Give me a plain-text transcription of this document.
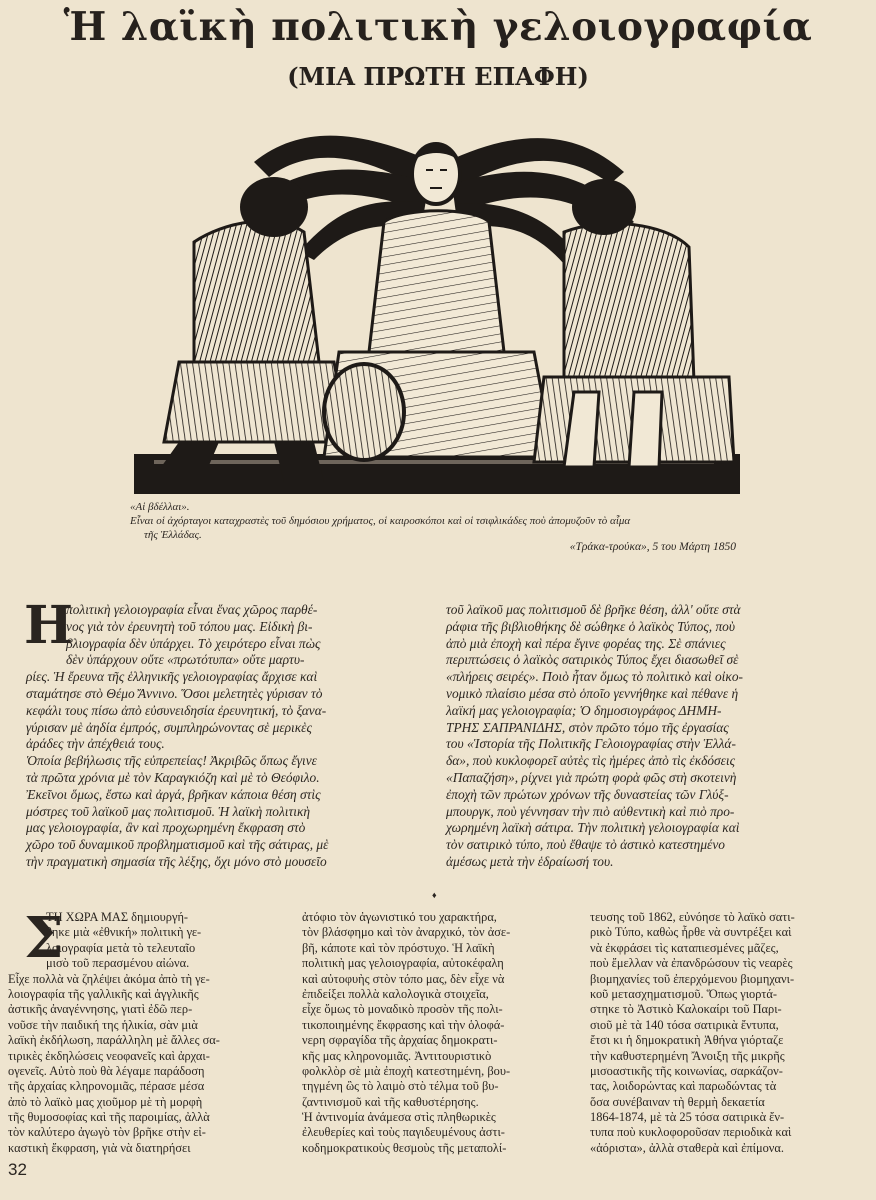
Ἡ λαϊκὴ πολιτικὴ γελοιογραφία
(ΜΙΑ ΠΡΩΤΗ ΕΠΑΦΗ)
«Αἱ βδέλλαι».
Εἶναι οἱ ἀχόρταγοι καταχραστὲς τοῦ δημόσιου χρήματος, οἱ καιροσκόποι καὶ οἱ τσιφλικάδες ποὺ ἀπομυζοῦν τὸ αἷμα
τῆς Ἑλλάδας.
«Τράκα-τρούκα», 5 του Μάρτη 1850
Η
πολιτικὴ γελοιογραφία εἶναι ἕνας χῶρος παρθέ-
νος γιὰ τὸν ἐρευνητὴ τοῦ τόπου μας. Εἰδικὴ βι-
βλιογραφία δὲν ὑπάρχει. Τὸ χειρότερο εἶναι πὼς
δὲν ὑπάρχουν οὔτε «πρωτότυπα» οὔτε μαρτυ-
ρίες. Ἡ ἔρευνα τῆς ἑλληνικῆς γελοιογραφίας ἄρχισε καὶ
σταμάτησε στὸ Θέμο Ἄννινο. Ὅσοι μελετητὲς γύρισαν τὸ
κεφάλι τους πίσω ἀπὸ εὐσυνειδησία ἐρευνητική, τὸ ξανα-
γύρισαν μὲ ἀηδία ἐμπρός, συμπληρώνοντας σὲ μερικὲς
ἀράδες τὴν ἀπέχθειά τους.
Ὁποία βεβήλωσις τῆς εὐπρεπείας! Ἀκριβῶς ὅπως ἔγινε
τὰ πρῶτα χρόνια μὲ τὸν Καραγκιόζη καὶ μὲ τὸ Θεόφιλο.
Ἐκεῖνοι ὅμως, ἔστω καὶ ἀργά, βρῆκαν κάποια θέση στὶς
μόστρες τοῦ λαϊκοῦ μας πολιτισμοῦ. Ἡ λαϊκὴ πολιτικὴ
μας γελοιογραφία, ἂν καὶ προχωρημένη ἔκφραση στὸ
χῶρο τοῦ δυναμικοῦ προβληματισμοῦ καὶ τῆς σάτιρας, μὲ
τὴν πραγματικὴ σημασία τῆς λέξης, ὄχι μόνο στὸ μουσεῖο
τοῦ λαϊκοῦ μας πολιτισμοῦ δὲ βρῆκε θέση, ἀλλ' οὔτε στὰ
ράφια τῆς βιβλιοθήκης δὲ σώθηκε ὁ λαϊκὸς Τύπος, ποὺ
ἀπὸ μιὰ ἐποχὴ καὶ πέρα ἔγινε φορέας της. Σὲ σπάνιες
περιπτώσεις ὁ λαϊκὸς σατιρικὸς Τύπος ἔχει διασωθεῖ σὲ
«πλήρεις σειρές». Ποιὸ ἦταν ὅμως τὸ πολιτικὸ καὶ οἰκο-
νομικὸ πλαίσιο μέσα στὸ ὁποῖο γεννήθηκε καὶ πέθανε ἡ
λαϊκή μας γελοιογραφία; Ὁ δημοσιογράφος ΔΗΜΗ-
ΤΡΗΣ ΣΑΠΡΑΝΙΔΗΣ, στὸν πρῶτο τόμο τῆς ἐργασίας
του «Ἱστορία τῆς Πολιτικῆς Γελοιογραφίας στὴν Ἑλλά-
δα», ποὺ κυκλοφορεῖ αὐτὲς τὶς ἡμέρες ἀπὸ τὶς ἐκδόσεις
«Παπαζήση», ρίχνει γιὰ πρώτη φορὰ φῶς στὴ σκοτεινὴ
ἐποχὴ τῶν πρώτων χρόνων τῆς δυναστείας τῶν Γλύξ-
μπουργκ, ποὺ γέννησαν τὴν πιὸ αὐθεντικὴ καὶ πιὸ προ-
χωρημένη λαϊκὴ σάτιρα. Τὴν πολιτικὴ γελοιογραφία καὶ
τὸν σατιρικὸ τύπο, ποὺ ἔθαψε τὸ ἀστικὸ κατεστημένο
ἀμέσως μετὰ τὴν ἑδραίωσή του.
♦
Σ
ΤΗ ΧΩΡΑ ΜΑΣ δημιουργή-
θηκε μιὰ «ἐθνική» πολιτικὴ γε-
λοιογραφία μετὰ τὸ τελευταῖο
μισὸ τοῦ περασμένου αἰώνα.
Εἶχε πολλὰ νὰ ζηλέψει ἀκόμα ἀπὸ τὴ γε-
λοιογραφία τῆς γαλλικῆς καὶ ἀγγλικῆς
ἀστικῆς ἀναγέννησης, γιατὶ ἐδῶ περ-
νοῦσε τὴν παιδική της ἡλικία, σὰν μιὰ
λαϊκὴ ἐκδήλωση, παράλληλη μὲ ἄλλες σα-
τιρικὲς ἐκδηλώσεις νεοφανεῖς καὶ ἀρχαι-
ογενεῖς. Αὐτὸ ποὺ θὰ λέγαμε παράδοση
τῆς ἀρχαίας κληρονομιᾶς, πέρασε μέσα
ἀπὸ τὸ λαϊκὸ μας χιοῦμορ μὲ τὴ μορφὴ
τῆς θυμοσοφίας καὶ τῆς παροιμίας, ἀλλὰ
τὸν καλύτερο ἀγωγὸ τὸν βρῆκε στὴν εἰ-
καστικὴ ἔκφραση, γιὰ νὰ διατηρήσει
ἀτόφιο τὸν ἀγωνιστικό του χαρακτήρα,
τὸν βλάσφημο καὶ τὸν ἀναρχικό, τὸν ἀσε-
βῆ, κάποτε καὶ τὸν πρόστυχο. Ἡ λαϊκὴ
πολιτικὴ μας γελοιογραφία, αὐτοκέφαλη
καὶ αὐτοφυὴς στὸν τόπο μας, δὲν εἶχε νὰ
ἐπιδείξει πολλὰ καλολογικὰ στοιχεῖα,
εἶχε ὅμως τὸ μοναδικὸ προσὸν τῆς πολι-
τικοποιημένης ἔκφρασης καὶ τὴν ὁλοφά-
νερη σφραγίδα τῆς ἀρχαίας δημοκρατι-
κῆς μας κληρονομιᾶς. Ἀντιτουριστικὸ
φολκλὸρ σὲ μιὰ ἐποχὴ κατεστημένη, βου-
τηγμένη ὣς τὸ λαιμὸ στὸ τέλμα τοῦ βυ-
ζαντινισμοῦ καὶ τῆς καθυστέρησης.
Ἡ ἀντινομία ἀνάμεσα στὶς πληθωρικὲς
ἐλευθερίες καὶ τοὺς παγιδευμένους ἀστι-
κοδημοκρατικοὺς θεσμοὺς τῆς μεταπολί-
τευσης τοῦ 1862, εὐνόησε τὸ λαϊκὸ σατι-
ρικὸ Τύπο, καθὼς ἦρθε νὰ συντρέξει καὶ
νὰ ἐκφράσει τὶς καταπιεσμένες μᾶζες,
ποὺ ἔμελλαν νὰ ἐπανδρώσουν τὶς νεαρὲς
βιομηχανίες τοῦ ἐπερχόμενου βιομηχανι-
κοῦ μετασχηματισμοῦ. Ὅπως γιορτά-
στηκε τὸ Ἀστικὸ Καλοκαίρι τοῦ Παρι-
σιοῦ μὲ τὰ 140 τόσα σατιρικὰ ἔντυπα,
ἔτσι κι ἡ δημοκρατικὴ Ἀθήνα γιόρταζε
τὴν καθυστερημένη Ἄνοιξη τῆς μικρῆς
μισοαστικῆς τῆς κοινωνίας, σαρκάζον-
τας, λοιδορώντας καὶ παρωδώντας τὰ
ὅσα συνέβαιναν τὴ θερμὴ δεκαετία
1864-1874, μὲ τὰ 25 τόσα σατιρικὰ ἔν-
τυπα ποὺ κυκλοφοροῦσαν περιοδικὰ καὶ
«ἀόριστα», ἀλλὰ σταθερὰ καὶ ἐπίμονα.
32
